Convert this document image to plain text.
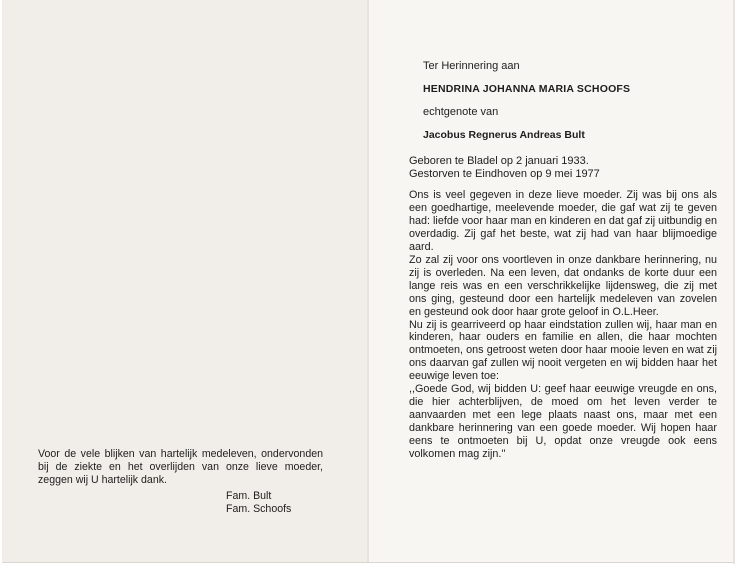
Voor de vele blijken van hartelijk medeleven, ondervonden bij de ziekte en het overlijden van onze lieve moeder, zeggen wij U hartelijk dank.
Fam. Bult
Fam. Schoofs
Ter Herinnering aan
HENDRINA JOHANNA MARIA SCHOOFS
echtgenote van
Jacobus Regnerus Andreas Bult
Geboren te Bladel op 2 januari 1933.
Gestorven te Eindhoven op 9 mei 1977

Ons is veel gegeven in deze lieve moeder. Zij was bij ons als een goedhartige, meelevende moeder, die gaf wat zij te geven had: liefde voor haar man en kinderen en dat gaf zij uitbundig en overdadig. Zij gaf het beste, wat zij had van haar blijmoedige aard.

Zo zal zij voor ons voortleven in onze dankbare herinnering, nu zij is overleden. Na een leven, dat ondanks de korte duur een lange reis was en een verschrikkelijke lijdensweg, die zij met ons ging, gesteund door een hartelijk medeleven van zovelen en gesteund ook door haar grote geloof in O.L.Heer.

Nu zij is gearriveerd op haar eindstation zullen wij, haar man en kinderen, haar ouders en familie en allen, die haar mochten ontmoeten, ons getroost weten door haar mooie leven en wat zij ons daarvan gaf zullen wij nooit vergeten en wij bidden haar het eeuwige leven toe:

,,Goede God, wij bidden U: geef haar eeuwige vreugde en ons, die hier achterblijven, de moed om het leven verder te aanvaarden met een lege plaats naast ons, maar met een dankbare herinnering van een goede moeder. Wij hopen haar eens te ontmoeten bij U, opdat onze vreugde ook eens volkomen mag zijn.''
